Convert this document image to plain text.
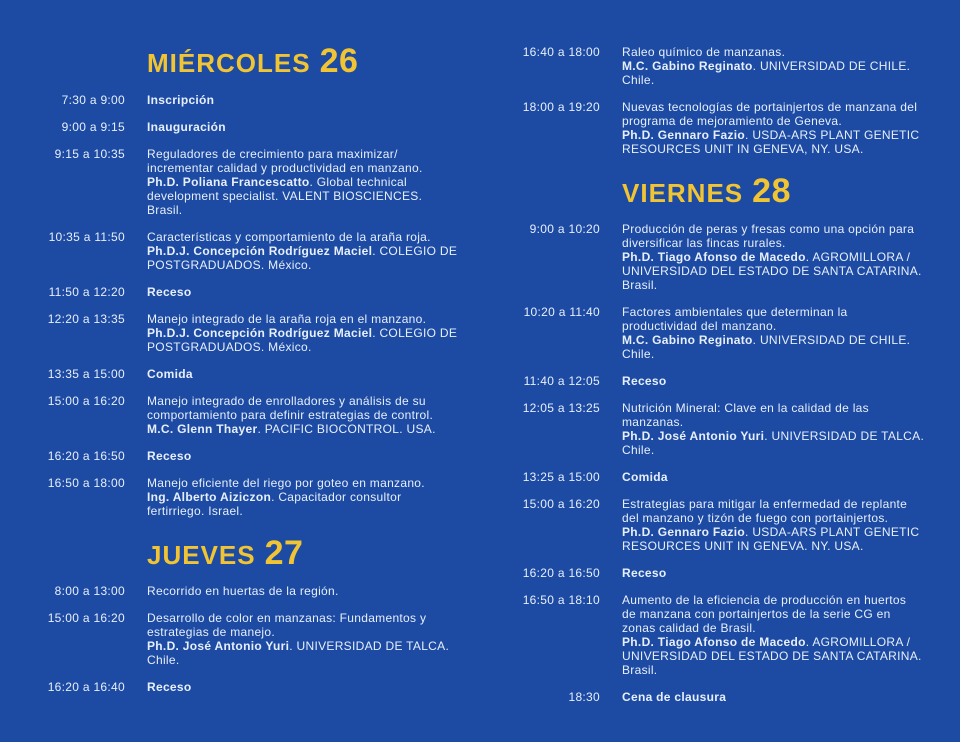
MIÉRCOLES 26
7:30 a 9:00 Inscripción
9:00 a 9:15 Inauguración
9:15 a 10:35 Reguladores de crecimiento para maximizar/
incrementar calidad y productividad en manzano.
Ph.D. Poliana Francescatto. Global technical
development specialist. VALENT BIOSCIENCES.
Brasil.
10:35 a 11:50 Características y comportamiento de la araña roja.
Ph.D.J. Concepción Rodríguez Maciel. COLEGIO DE
POSTGRADUADOS. México.
11:50 a 12:20 Receso
12:20 a 13:35 Manejo integrado de la araña roja en el manzano.
Ph.D.J. Concepción Rodríguez Maciel. COLEGIO DE
POSTGRADUADOS. México.
13:35 a 15:00 Comida
15:00 a 16:20 Manejo integrado de enrolladores y análisis de su
comportamiento para definir estrategias de control.
M.C. Glenn Thayer. PACIFIC BIOCONTROL. USA.
16:20 a 16:50 Receso
16:50 a 18:00 Manejo eficiente del riego por goteo en manzano.
Ing. Alberto Aiziczon. Capacitador consultor
fertirriego. Israel.
JUEVES 27
8:00 a 13:00 Recorrido en huertas de la región.
15:00 a 16:20 Desarrollo de color en manzanas: Fundamentos y
estrategias de manejo.
Ph.D. José Antonio Yuri. UNIVERSIDAD DE TALCA.
Chile.
16:20 a 16:40 Receso
16:40 a 18:00 Raleo químico de manzanas.
M.C. Gabino Reginato. UNIVERSIDAD DE CHILE.
Chile.
18:00 a 19:20 Nuevas tecnologías de portainjertos de manzana del
programa de mejoramiento de Geneva.
Ph.D. Gennaro Fazio. USDA-ARS PLANT GENETIC
RESOURCES UNIT IN GENEVA, NY. USA.
VIERNES 28
9:00 a 10:20 Producción de peras y fresas como una opción para
diversificar las fincas rurales.
Ph.D. Tiago Afonso de Macedo. AGROMILLORA /
UNIVERSIDAD DEL ESTADO DE SANTA CATARINA.
Brasil.
10:20 a 11:40 Factores ambientales que determinan la
productividad del manzano.
M.C. Gabino Reginato. UNIVERSIDAD DE CHILE.
Chile.
11:40 a 12:05 Receso
12:05 a 13:25 Nutrición Mineral: Clave en la calidad de las
manzanas.
Ph.D. José Antonio Yuri. UNIVERSIDAD DE TALCA.
Chile.
13:25 a 15:00 Comida
15:00 a 16:20 Estrategias para mitigar la enfermedad de replante
del manzano y tizón de fuego con portainjertos.
Ph.D. Gennaro Fazio. USDA-ARS PLANT GENETIC
RESOURCES UNIT IN GENEVA. NY. USA.
16:20 a 16:50 Receso
16:50 a 18:10 Aumento de la eficiencia de producción en huertos
de manzana con portainjertos de la serie CG en
zonas calidad de Brasil.
Ph.D. Tiago Afonso de Macedo. AGROMILLORA /
UNIVERSIDAD DEL ESTADO DE SANTA CATARINA.
Brasil.
18:30 Cena de clausura
